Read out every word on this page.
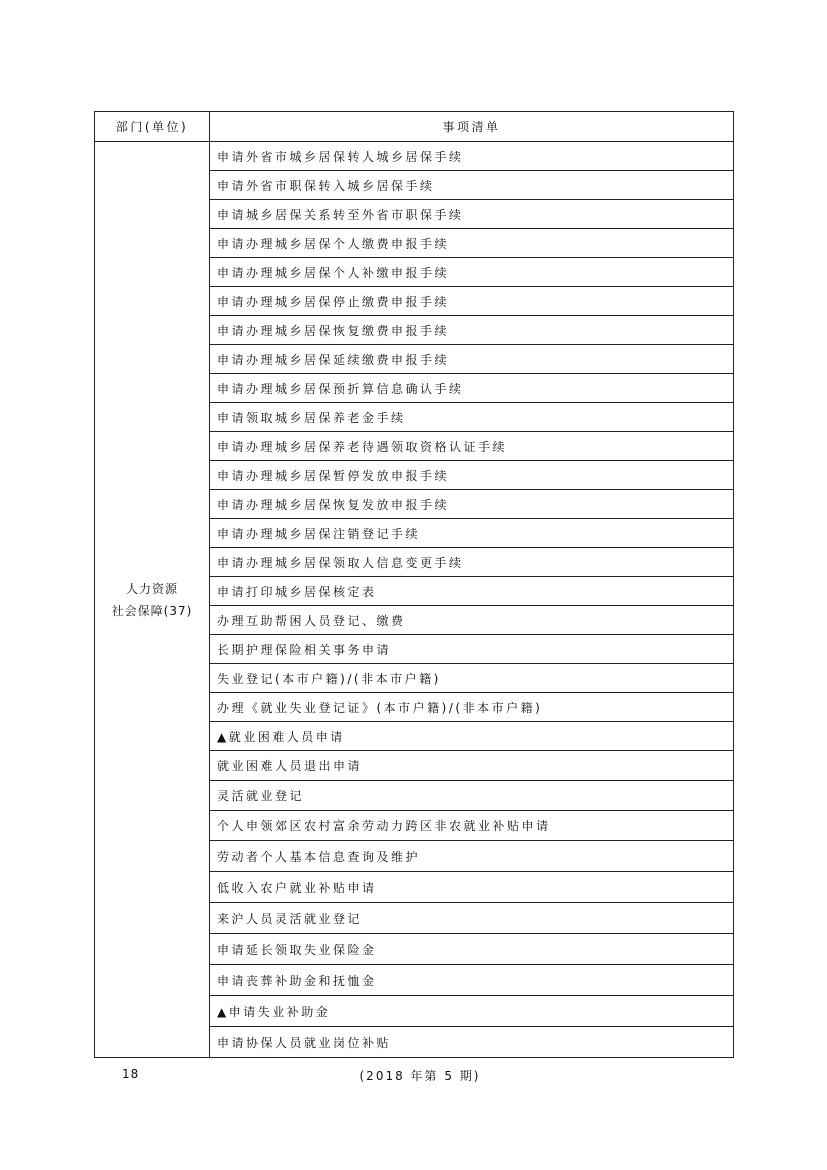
部门(单位)	事项清单

人力资源
社会保障(37)	申请外省市城乡居保转人城乡居保手续
	申请外省市职保转入城乡居保手续
	申请城乡居保关系转至外省市职保手续
	申请办理城乡居保个人缴费申报手续
	申请办理城乡居保个人补缴申报手续
	申请办理城乡居保停止缴费申报手续
	申请办理城乡居保恢复缴费申报手续
	申请办理城乡居保延续缴费申报手续
	申请办理城乡居保预折算信息确认手续
	申请领取城乡居保养老金手续
	申请办理城乡居保养老待遇领取资格认证手续
	申请办理城乡居保暂停发放申报手续
	申请办理城乡居保恢复发放申报手续
	申请办理城乡居保注销登记手续
	申请办理城乡居保领取人信息变更手续
	申请打印城乡居保核定表
	办理互助帮困人员登记、缴费
	长期护理保险相关事务申请
	失业登记(本市户籍)/(非本市户籍)
	办理《就业失业登记证》(本市户籍)/(非本市户籍)
	▲就业困难人员申请
	就业困难人员退出申请
	灵活就业登记
	个人申领郊区农村富余劳动力跨区非农就业补贴申请
	劳动者个人基本信息查询及维护
	低收入农户就业补贴申请
	来沪人员灵活就业登记
	申请延长领取失业保险金
	申请丧葬补助金和抚恤金
	▲申请失业补助金
	申请协保人员就业岗位补贴
18	(2018 年第 5 期)
